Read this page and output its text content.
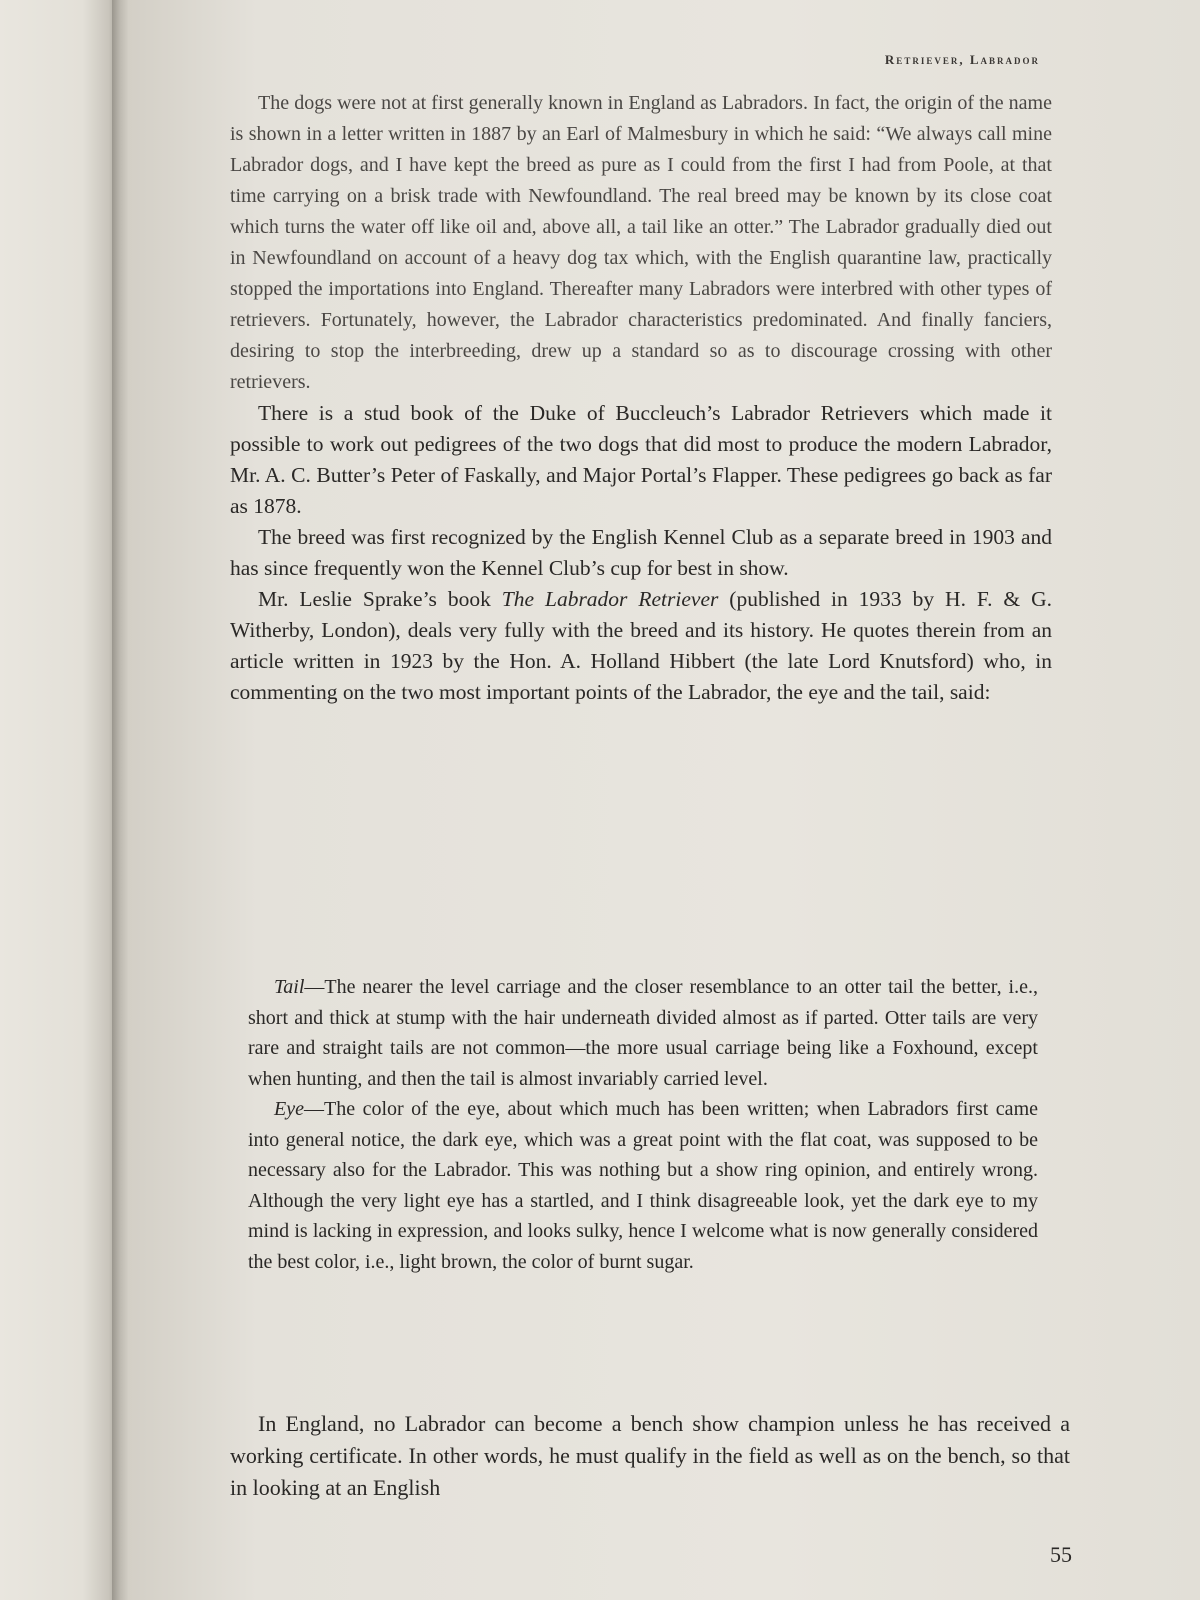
Retriever, Labrador

The dogs were not at first generally known in England as Labradors. In fact, the origin of the name is shown in a letter written in 1887 by an Earl of Malmesbury in which he said: “We always call mine Labrador dogs, and I have kept the breed as pure as I could from the first I had from Poole, at that time carrying on a brisk trade with Newfoundland. The real breed may be known by its close coat which turns the water off like oil and, above all, a tail like an otter.” The Labrador gradually died out in Newfoundland on account of a heavy dog tax which, with the English quarantine law, practically stopped the importations into England. Thereafter many Labradors were interbred with other types of retrievers. Fortunately, however, the Labrador characteristics predominated. And finally fanciers, desiring to stop the interbreeding, drew up a standard so as to discourage crossing with other retrievers.

There is a stud book of the Duke of Buccleuch’s Labrador Retrievers which made it possible to work out pedigrees of the two dogs that did most to produce the modern Labrador, Mr. A. C. Butter’s Peter of Faskally, and Major Portal’s Flapper. These pedigrees go back as far as 1878.

The breed was first recognized by the English Kennel Club as a separate breed in 1903 and has since frequently won the Kennel Club’s cup for best in show.

Mr. Leslie Sprake’s book The Labrador Retriever (published in 1933 by H. F. & G. Witherby, London), deals very fully with the breed and its history. He quotes therein from an article written in 1923 by the Hon. A. Holland Hibbert (the late Lord Knutsford) who, in commenting on the two most important points of the Labrador, the eye and the tail, said:

Tail—The nearer the level carriage and the closer resemblance to an otter tail the better, i.e., short and thick at stump with the hair underneath divided almost as if parted. Otter tails are very rare and straight tails are not common—the more usual carriage being like a Foxhound, except when hunting, and then the tail is almost invariably carried level.

Eye—The color of the eye, about which much has been written; when Labradors first came into general notice, the dark eye, which was a great point with the flat coat, was supposed to be necessary also for the Labrador. This was nothing but a show ring opinion, and entirely wrong. Although the very light eye has a startled, and I think disagreeable look, yet the dark eye to my mind is lacking in expression, and looks sulky, hence I welcome what is now generally considered the best color, i.e., light brown, the color of burnt sugar.

In England, no Labrador can become a bench show champion unless he has received a working certificate. In other words, he must qualify in the field as well as on the bench, so that in looking at an English

55
